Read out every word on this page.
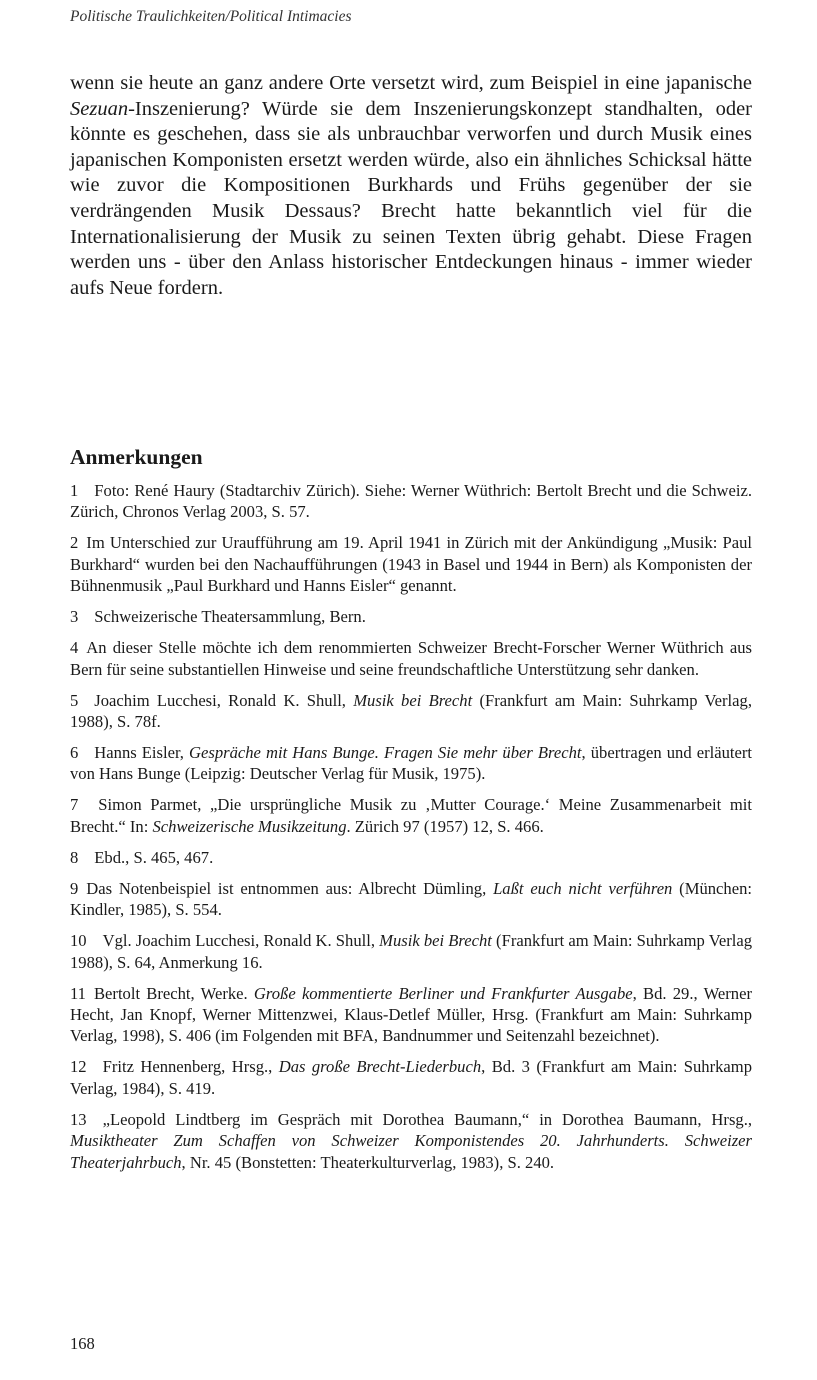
Politische Traulichkeiten/Political Intimacies

wenn sie heute an ganz andere Orte versetzt wird, zum Beispiel in eine japanische Sezuan-Inszenierung? Würde sie dem Inszenierungskonzept standhalten, oder könnte es geschehen, dass sie als unbrauchbar verworfen und durch Musik eines japanischen Komponisten ersetzt werden würde, also ein ähnliches Schicksal hätte wie zuvor die Kompositionen Burkhards und Frühs gegenüber der sie verdrängenden Musik Dessaus? Brecht hatte bekanntlich viel für die Internationalisierung der Musik zu seinen Texten übrig gehabt. Diese Fragen werden uns - über den Anlass historischer Entdeckungen hinaus - immer wieder aufs Neue fordern.

Anmerkungen

1 Foto: René Haury (Stadtarchiv Zürich). Siehe: Werner Wüthrich: Bertolt Brecht und die Schweiz. Zürich, Chronos Verlag 2003, S. 57.

2 Im Unterschied zur Uraufführung am 19. April 1941 in Zürich mit der Ankündigung „Musik: Paul Burkhard“ wurden bei den Nachaufführungen (1943 in Basel und 1944 in Bern) als Komponisten der Bühnenmusik „Paul Burkhard und Hanns Eisler“ genannt.

3 Schweizerische Theatersammlung, Bern.

4 An dieser Stelle möchte ich dem renommierten Schweizer Brecht-Forscher Werner Wüthrich aus Bern für seine substantiellen Hinweise und seine freundschaftliche Unterstützung sehr danken.

5 Joachim Lucchesi, Ronald K. Shull, Musik bei Brecht (Frankfurt am Main: Suhrkamp Verlag, 1988), S. 78f.

6 Hanns Eisler, Gespräche mit Hans Bunge. Fragen Sie mehr über Brecht, übertragen und erläutert von Hans Bunge (Leipzig: Deutscher Verlag für Musik, 1975).

7 Simon Parmet, „Die ursprüngliche Musik zu ‚Mutter Courage.‘ Meine Zusammenarbeit mit Brecht.“ In: Schweizerische Musikzeitung. Zürich 97 (1957) 12, S. 466.

8 Ebd., S. 465, 467.

9 Das Notenbeispiel ist entnommen aus: Albrecht Dümling, Laßt euch nicht verführen (München: Kindler, 1985), S. 554.

10 Vgl. Joachim Lucchesi, Ronald K. Shull, Musik bei Brecht (Frankfurt am Main: Suhrkamp Verlag 1988), S. 64, Anmerkung 16.

11 Bertolt Brecht, Werke. Große kommentierte Berliner und Frankfurter Ausgabe, Bd. 29., Werner Hecht, Jan Knopf, Werner Mittenzwei, Klaus-Detlef Müller, Hrsg. (Frankfurt am Main: Suhrkamp Verlag, 1998), S. 406 (im Folgenden mit BFA, Bandnummer und Seitenzahl bezeichnet).

12 Fritz Hennenberg, Hrsg., Das große Brecht-Liederbuch, Bd. 3 (Frankfurt am Main: Suhrkamp Verlag, 1984), S. 419.

13 „Leopold Lindtberg im Gespräch mit Dorothea Baumann,“ in Dorothea Baumann, Hrsg., Musiktheater Zum Schaffen von Schweizer Komponistendes 20. Jahrhunderts. Schweizer Theaterjahrbuch, Nr. 45 (Bonstetten: Theaterkulturverlag, 1983), S. 240.

168
